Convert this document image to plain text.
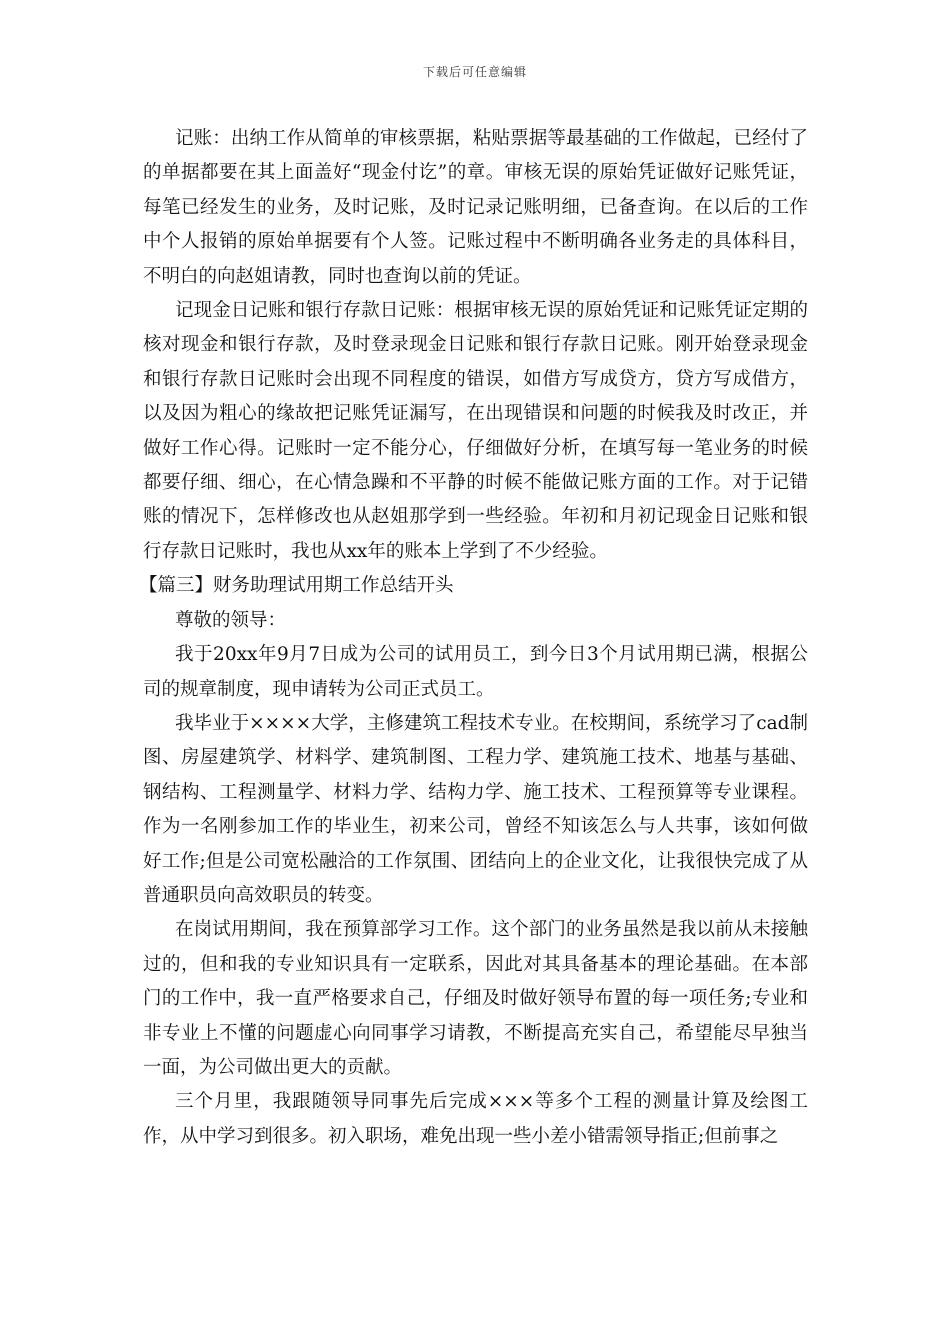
下载后可任意编辑

记账：出纳工作从简单的审核票据，粘贴票据等最基础的工作做起，已经付了的单据都要在其上面盖好“现金付讫”的章。审核无误的原始凭证做好记账凭证，每笔已经发生的业务，及时记账，及时记录记账明细，已备查询。在以后的工作中个人报销的原始单据要有个人签。记账过程中不断明确各业务走的具体科目，不明白的向赵姐请教，同时也查询以前的凭证。

记现金日记账和银行存款日记账：根据审核无误的原始凭证和记账凭证定期的核对现金和银行存款，及时登录现金日记账和银行存款日记账。刚开始登录现金和银行存款日记账时会出现不同程度的错误，如借方写成贷方，贷方写成借方，以及因为粗心的缘故把记账凭证漏写，在出现错误和问题的时候我及时改正，并做好工作心得。记账时一定不能分心，仔细做好分析，在填写每一笔业务的时候都要仔细、细心，在心情急躁和不平静的时候不能做记账方面的工作。对于记错账的情况下，怎样修改也从赵姐那学到一些经验。年初和月初记现金日记账和银行存款日记账时，我也从xx年的账本上学到了不少经验。

【篇三】财务助理试用期工作总结开头

尊敬的领导：

我于20xx年9月7日成为公司的试用员工，到今日3个月试用期已满，根据公司的规章制度，现申请转为公司正式员工。

我毕业于××××大学，主修建筑工程技术专业。在校期间，系统学习了cad制图、房屋建筑学、材料学、建筑制图、工程力学、建筑施工技术、地基与基础、钢结构、工程测量学、材料力学、结构力学、施工技术、工程预算等专业课程。作为一名刚参加工作的毕业生，初来公司，曾经不知该怎么与人共事，该如何做好工作;但是公司宽松融洽的工作氛围、团结向上的企业文化，让我很快完成了从普通职员向高效职员的转变。

在岗试用期间，我在预算部学习工作。这个部门的业务虽然是我以前从未接触过的，但和我的专业知识具有一定联系，因此对其具备基本的理论基础。在本部门的工作中，我一直严格要求自己，仔细及时做好领导布置的每一项任务;专业和非专业上不懂的问题虚心向同事学习请教，不断提高充实自己，希望能尽早独当一面，为公司做出更大的贡献。

三个月里，我跟随领导同事先后完成×××等多个工程的测量计算及绘图工作，从中学习到很多。初入职场，难免出现一些小差小错需领导指正;但前事之
